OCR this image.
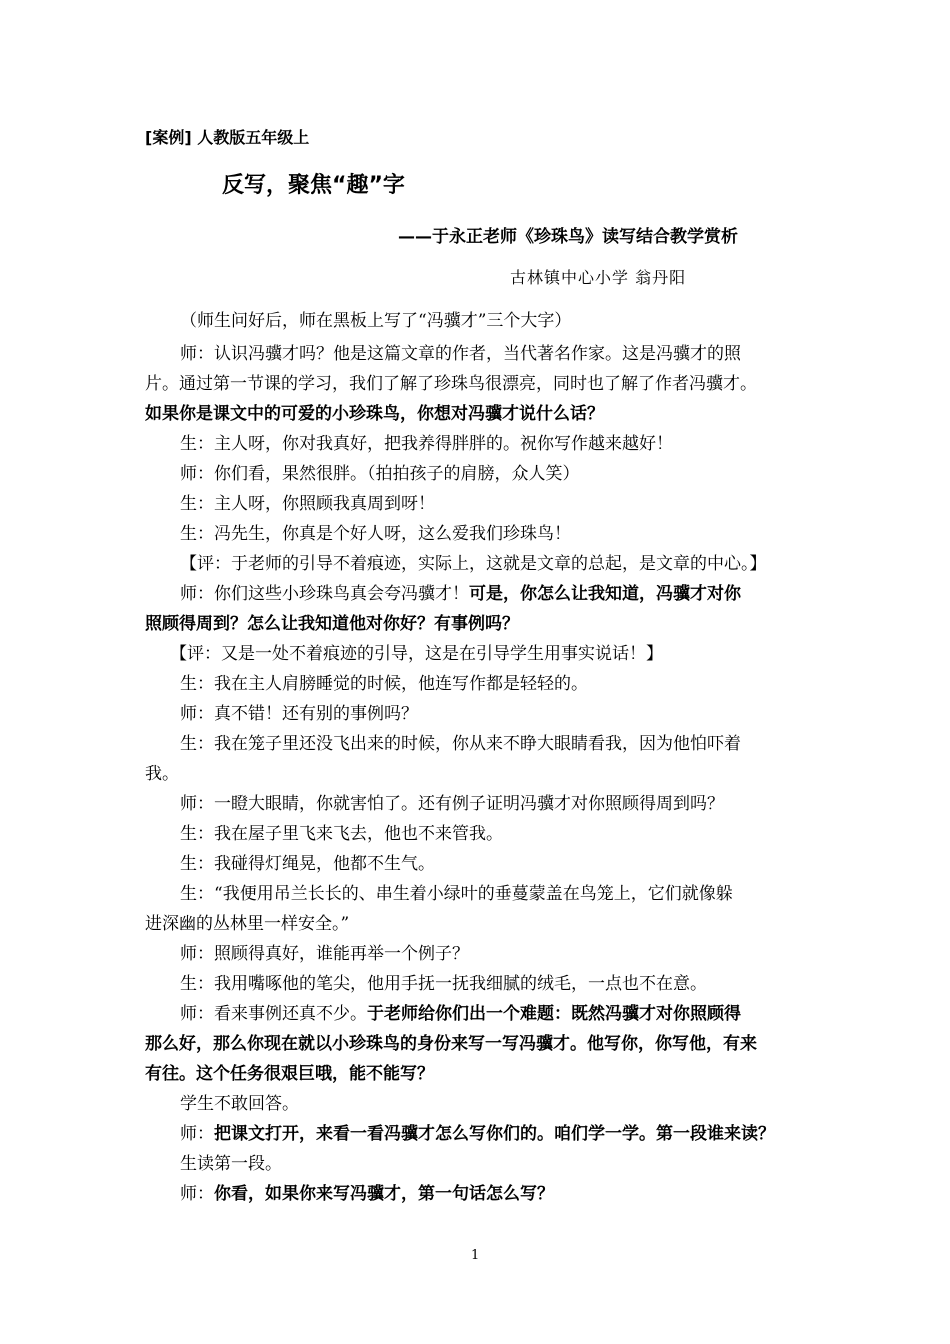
[案例] 人教版五年级上
反写，聚焦“趣”字
——于永正老师《珍珠鸟》读写结合教学赏析
古林镇中心小学 翁丹阳
（师生问好后，师在黑板上写了“冯骥才”三个大字）
师：认识冯骥才吗？他是这篇文章的作者，当代著名作家。这是冯骥才的照
片。通过第一节课的学习，我们了解了珍珠鸟很漂亮，同时也了解了作者冯骥才。
如果你是课文中的可爱的小珍珠鸟，你想对冯骥才说什么话？
生：主人呀，你对我真好，把我养得胖胖的。祝你写作越来越好！
师：你们看，果然很胖。（拍拍孩子的肩膀，众人笑）
生：主人呀，你照顾我真周到呀！
生：冯先生，你真是个好人呀，这么爱我们珍珠鸟！
【评：于老师的引导不着痕迹，实际上，这就是文章的总起，是文章的中心。】
师：你们这些小珍珠鸟真会夸冯骥才！可是，你怎么让我知道，冯骥才对你
照顾得周到？怎么让我知道他对你好？有事例吗？
【评：又是一处不着痕迹的引导，这是在引导学生用事实说话！】
生：我在主人肩膀睡觉的时候，他连写作都是轻轻的。
师：真不错！还有别的事例吗？
生：我在笼子里还没飞出来的时候，你从来不睁大眼睛看我，因为他怕吓着
我。
师：一瞪大眼睛，你就害怕了。还有例子证明冯骥才对你照顾得周到吗？
生：我在屋子里飞来飞去，他也不来管我。
生：我碰得灯绳晃，他都不生气。
生：“我便用吊兰长长的、串生着小绿叶的垂蔓蒙盖在鸟笼上，它们就像躲
进深幽的丛林里一样安全。”
师：照顾得真好，谁能再举一个例子？
生：我用嘴啄他的笔尖，他用手抚一抚我细腻的绒毛，一点也不在意。
师：看来事例还真不少。于老师给你们出一个难题：既然冯骥才对你照顾得
那么好，那么你现在就以小珍珠鸟的身份来写一写冯骥才。他写你，你写他，有来
有往。这个任务很艰巨哦，能不能写？
学生不敢回答。
师：把课文打开，来看一看冯骥才怎么写你们的。咱们学一学。第一段谁来读？
生读第一段。
师：你看，如果你来写冯骥才，第一句话怎么写？
1
